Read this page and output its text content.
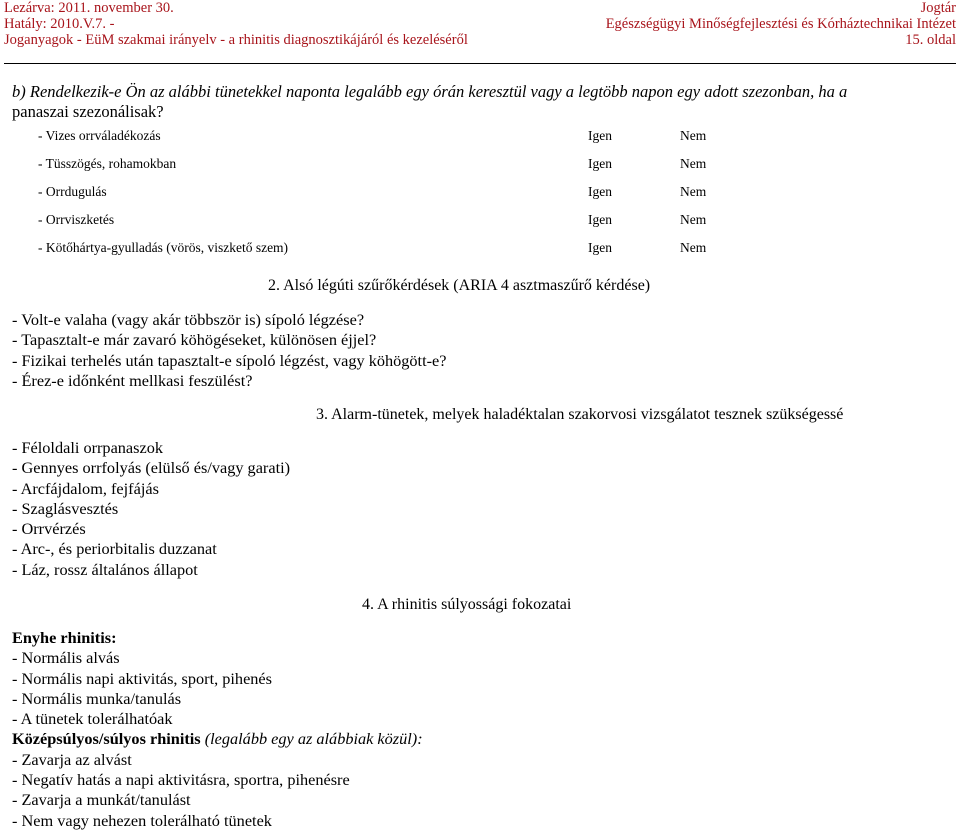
Lezárva: 2011. november 30.
Hatály: 2010.V.7. -
Joganyagok - EüM szakmai irányelv - a rhinitis diagnosztikájáról és kezeléséről
Jogtár
Egészségügyi Minőségfejlesztési és Kórháztechnikai Intézet
15. oldal
b) Rendelkezik-e Ön az alábbi tünetekkel naponta legalább egy órán keresztül vagy a legtöbb napon egy adott szezonban, ha a
panaszai szezonálisak?
- Vizes orrváladékozás	Igen	Nem
- Tüsszögés, rohamokban	Igen	Nem
- Orrdugulás	Igen	Nem
- Orrviszketés	Igen	Nem
- Kötőhártya-gyulladás (vörös, viszkető szem)	Igen	Nem
2. Alsó légúti szűrőkérdések (ARIA 4 asztmaszűrő kérdése)
- Volt-e valaha (vagy akár többször is) sípoló légzése?
- Tapasztalt-e már zavaró köhögéseket, különösen éjjel?
- Fizikai terhelés után tapasztalt-e sípoló légzést, vagy köhögött-e?
- Érez-e időnként mellkasi feszülést?
3. Alarm-tünetek, melyek haladéktalan szakorvosi vizsgálatot tesznek szükségessé
- Féloldali orrpanaszok
- Gennyes orrfolyás (elülső és/vagy garati)
- Arcfájdalom, fejfájás
- Szaglásvesztés
- Orrvérzés
- Arc-, és periorbitalis duzzanat
- Láz, rossz általános állapot
4. A rhinitis súlyossági fokozatai
Enyhe rhinitis:
- Normális alvás
- Normális napi aktivitás, sport, pihenés
- Normális munka/tanulás
- A tünetek tolerálhatóak
Középsúlyos/súlyos rhinitis (legalább egy az alábbiak közül):
- Zavarja az alvást
- Negatív hatás a napi aktivitásra, sportra, pihenésre
- Zavarja a munkát/tanulást
- Nem vagy nehezen tolerálható tünetek
